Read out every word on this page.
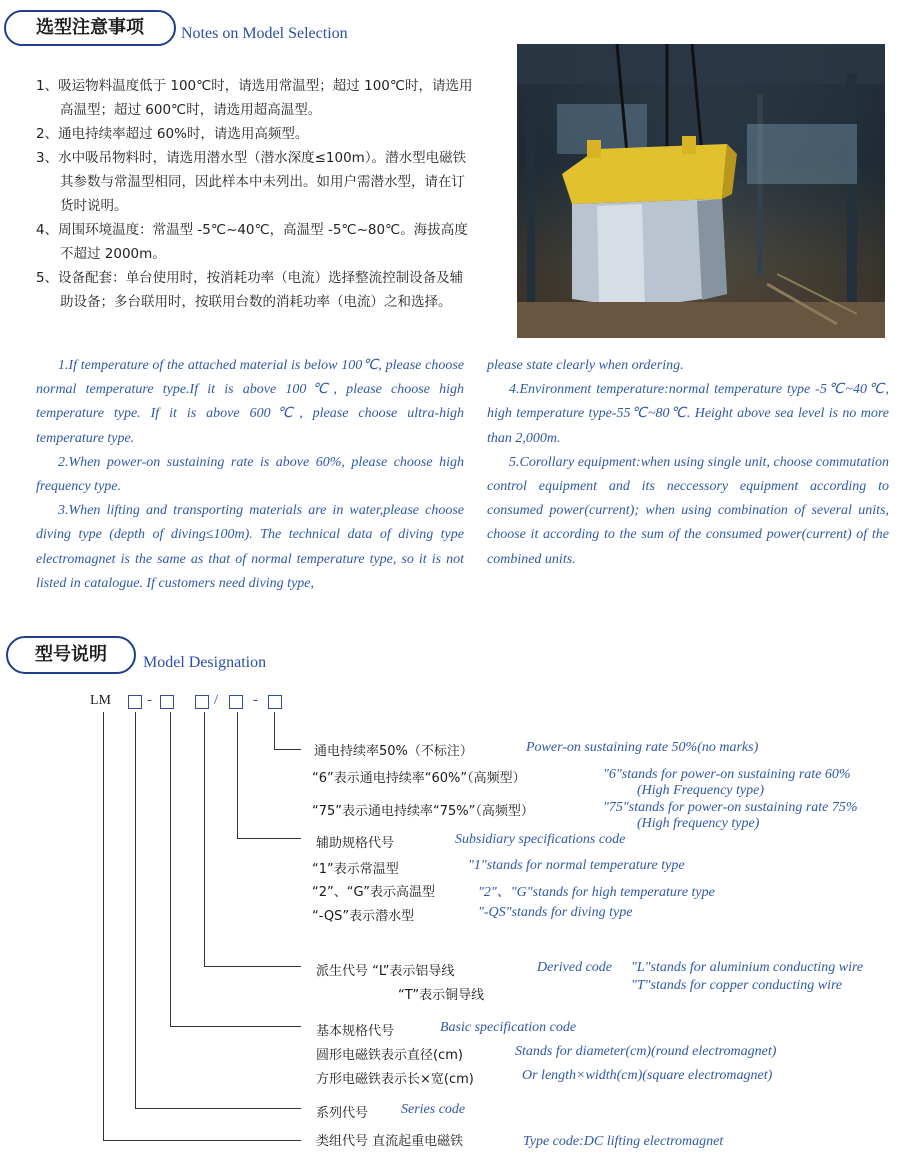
选型注意事项	Notes on Model Selection

1、吸运物料温度低于 100℃时，请选用常温型；超过 100℃时，请选用高温型；超过 600℃时，请选用超高温型。

2、通电持续率超过 60%时，请选用高频型。

3、水中吸吊物料时，请选用潜水型（潜水深度≤100m）。潜水型电磁铁其参数与常温型相同，因此样本中未列出。如用户需潜水型，请在订货时说明。

4、周围环境温度：常温型 -5℃~40℃，高温型 -5℃~80℃。海拔高度不超过 2000m。

5、设备配套：单台使用时，按消耗功率（电流）选择整流控制设备及辅助设备；多台联用时，按联用台数的消耗功率（电流）之和选择。

1.If temperature of the attached material is below 100℃, please choose normal temperature type.If it is above 100℃, please choose high temperature type. If it is above 600℃, please choose ultra-high temperature type.

2.When power-on sustaining rate is above 60%, please choose high frequency type.

3.When lifting and transporting materials are in water,please choose diving type (depth of diving≤100m). The technical data of diving type electromagnet is the same as that of normal temperature type, so it is not listed in catalogue. If customers need diving type,

please state clearly when ordering.

4.Environment temperature:normal temperature type -5℃~40℃, high temperature type-55℃~80℃. Height above sea level is no more than 2,000m.

5.Corollary equipment:when using single unit, choose commutation control equipment and its neccessory equipment according to consumed power(current); when using combination of several units, choose it according to the sum of the consumed power(current) of the combined units.

型号说明	Model Designation
LM -	/ -
通电持续率50%（不标注）	Power-on sustaining rate 50%(no marks)
“6”表示通电持续率“60%”（高频型）	"6"stands for power-on sustaining rate 60%
(High Frequency type)
“75”表示通电持续率“75%”（高频型）	"75"stands for power-on sustaining rate 75%
(High frequency type)
辅助规格代号	Subsidiary specifications code
“1”表示常温型	"1"stands for normal temperature type
“2”、“G”表示高温型	"2"、"G"stands for high temperature type
“-QS”表示潜水型	"-QS"stands for diving type
派生代号 “L”表示铝导线	Derived code "L"stands for aluminium conducting wire
“T”表示铜导线
"T"stands for copper conducting wire
基本规格代号	Basic specification code
圆形电磁铁表示直径(cm)	Stands for diameter(cm)(round electromagnet)
方形电磁铁表示长×宽(cm)	Or length×width(cm)(square electromagnet)
系列代号 Series code
类组代号 直流起重电磁铁	Type code:DC lifting electromagnet
